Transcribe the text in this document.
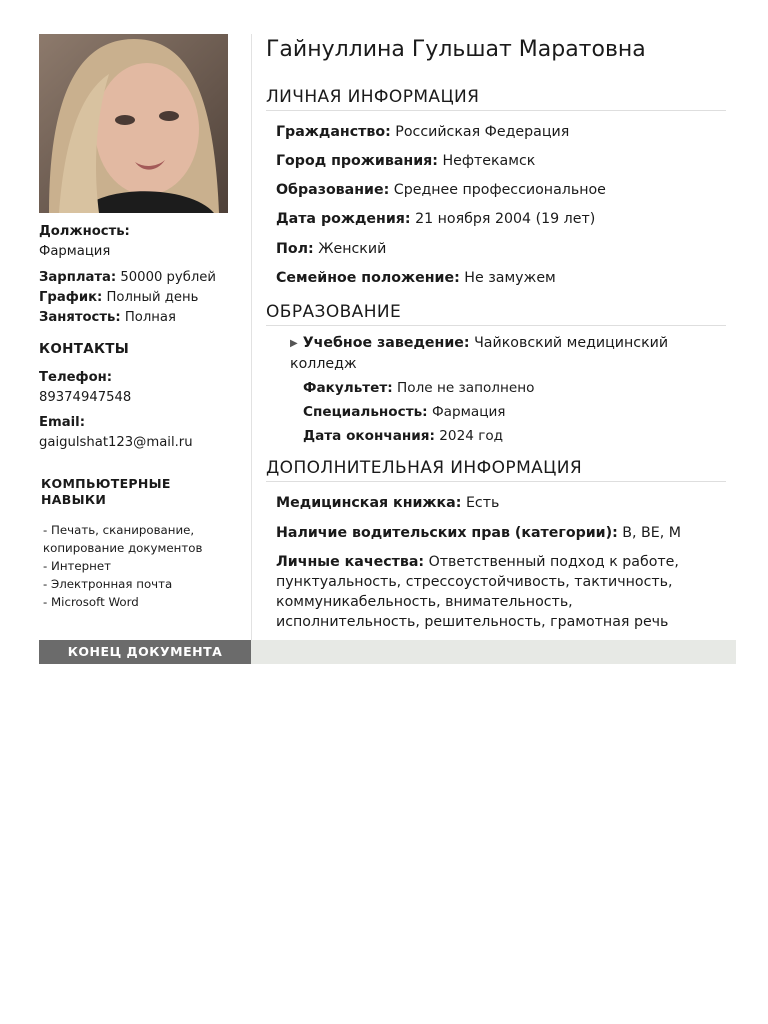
Должность:
Фармация
Зарплата: 50000 рублей
График: Полный день
Занятость: Полная
КОНТАКТЫ
Телефон:
89374947548
Email:
gaigulshat123@mail.ru
КОМПЬЮТЕРНЫЕ НАВЫКИ
- Печать, сканирование,
копирование документов
- Интернет
- Электронная почта
- Microsoft Word
Гайнуллина Гульшат Маратовна
ЛИЧНАЯ ИНФОРМАЦИЯ
Гражданство: Российская Федерация
Город проживания: Нефтекамск
Образование: Среднее профессиональное
Дата рождения: 21 ноября 2004 (19 лет)
Пол: Женский
Семейное положение: Не замужем
ОБРАЗОВАНИЕ
▶ Учебное заведение: Чайковский медицинский колледж
Факультет: Поле не заполнено
Специальность: Фармация
Дата окончания: 2024 год
ДОПОЛНИТЕЛЬНАЯ ИНФОРМАЦИЯ
Медицинская книжка: Есть
Наличие водительских прав (категории): B, BE, M
Личные качества: Ответственный подход к работе, пунктуальность, стрессоустойчивость, тактичность, коммуникабельность, внимательность, исполнительность, решительность, грамотная речь
КОНЕЦ ДОКУМЕНТА
